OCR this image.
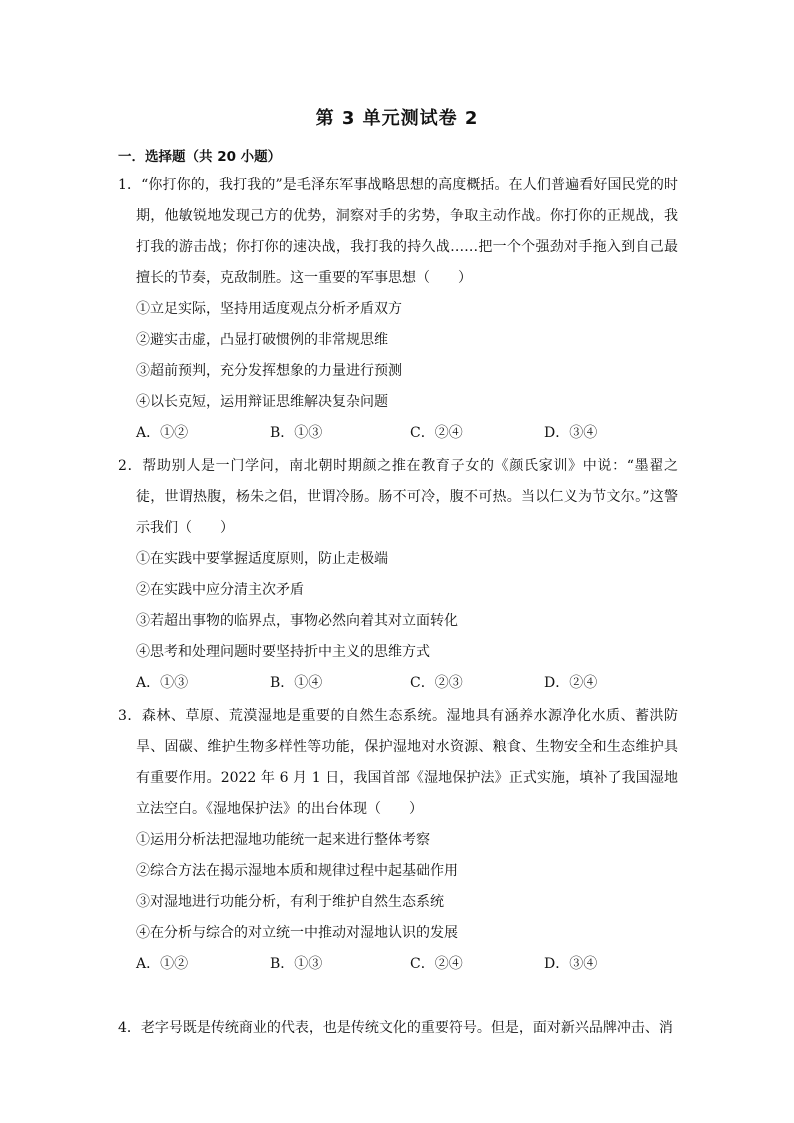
第 3 单元测试卷 2
一．选择题（共 20 小题）

1．“你打你的，我打我的”是毛泽东军事战略思想的高度概括。在人们普遍看好国民党的时期，他敏锐地发现己方的优势，洞察对手的劣势，争取主动作战。你打你的正规战，我打我的游击战；你打你的速决战，我打我的持久战……把一个个强劲对手拖入到自己最擅长的节奏，克敌制胜。这一重要的军事思想（　　）

①立足实际，坚持用适度观点分析矛盾双方

②避实击虚，凸显打破惯例的非常规思维

③超前预判，充分发挥想象的力量进行预测

④以长克短，运用辩证思维解决复杂问题

A．①②	B．①③	C．②④	D．③④

2．帮助别人是一门学问，南北朝时期颜之推在教育子女的《颜氏家训》中说：“墨翟之徒，世谓热腹，杨朱之侣，世谓冷肠。肠不可冷，腹不可热。当以仁义为节文尔。”这警示我们（　　）

①在实践中要掌握适度原则，防止走极端

②在实践中应分清主次矛盾

③若超出事物的临界点，事物必然向着其对立面转化

④思考和处理问题时要坚持折中主义的思维方式

A．①③	B．①④	C．②③	D．②④

3．森林、草原、荒漠湿地是重要的自然生态系统。湿地具有涵养水源净化水质、蓄洪防旱、固碳、维护生物多样性等功能，保护湿地对水资源、粮食、生物安全和生态维护具有重要作用。2022 年 6 月 1 日，我国首部《湿地保护法》正式实施，填补了我国湿地立法空白。《湿地保护法》的出台体现（　　）

①运用分析法把湿地功能统一起来进行整体考察

②综合方法在揭示湿地本质和规律过程中起基础作用

③对湿地进行功能分析，有利于维护自然生态系统

④在分析与综合的对立统一中推动对湿地认识的发展

A．①②	B．①③	C．②④	D．③④

4．老字号既是传统商业的代表，也是传统文化的重要符号。但是，面对新兴品牌冲击、消
